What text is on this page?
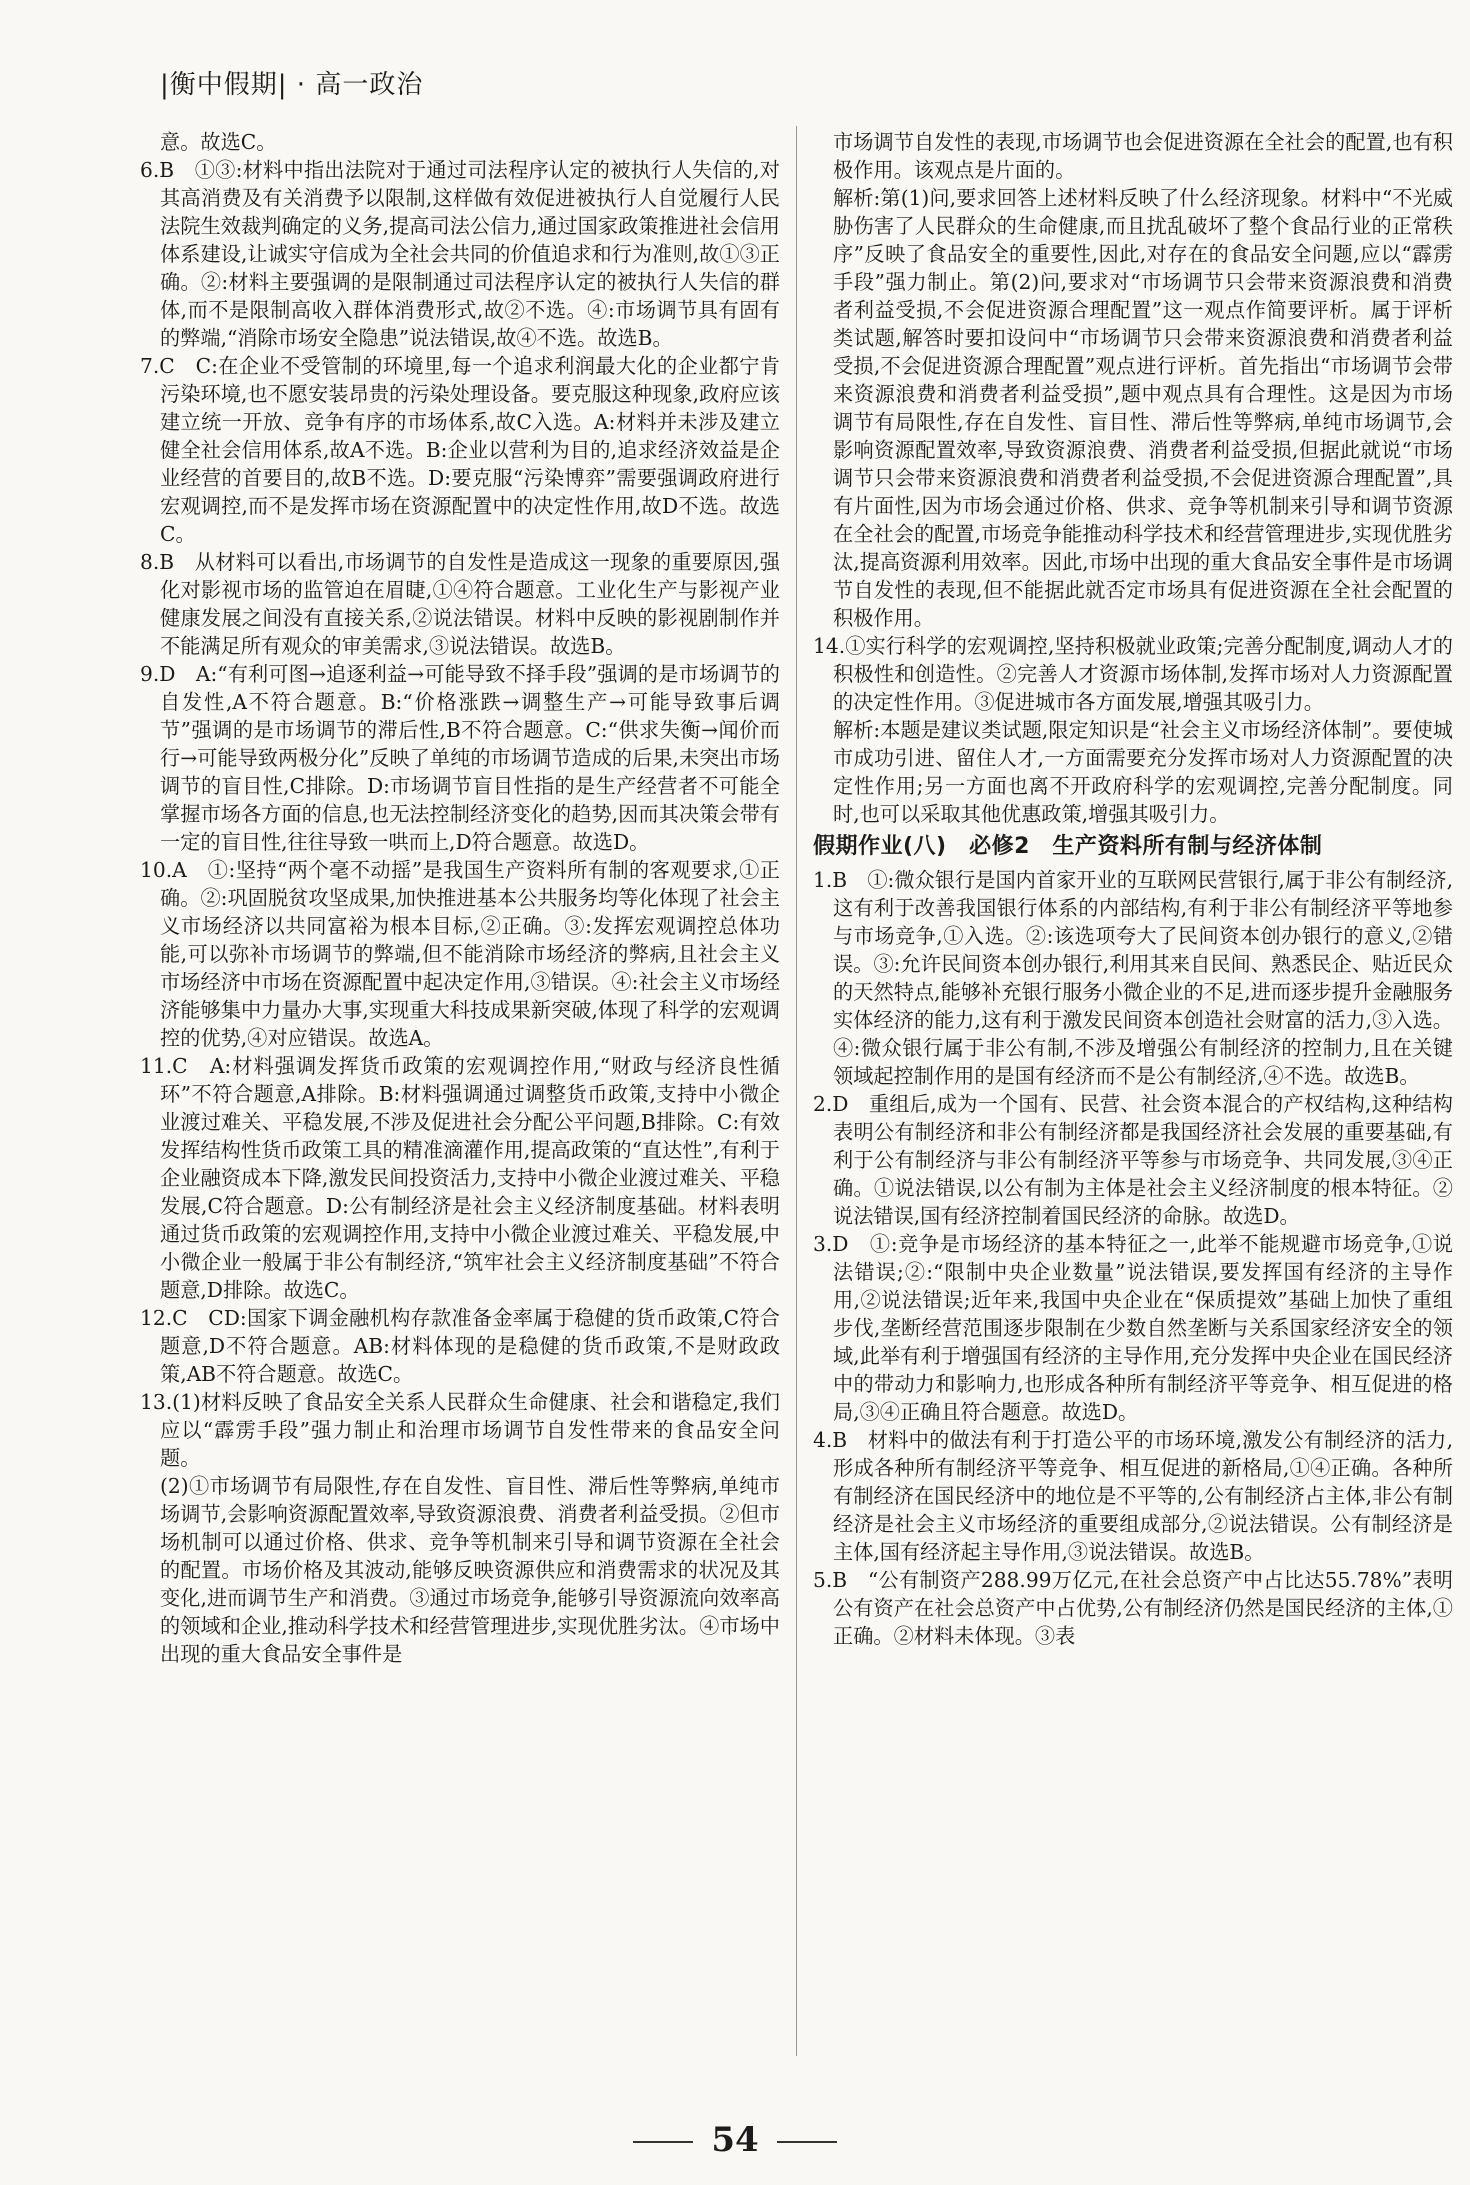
|衡中假期| · 高一政治

意。故选C。

6.B　①③:材料中指出法院对于通过司法程序认定的被执行人失信的,对其高消费及有关消费予以限制,这样做有效促进被执行人自觉履行人民法院生效裁判确定的义务,提高司法公信力,通过国家政策推进社会信用体系建设,让诚实守信成为全社会共同的价值追求和行为准则,故①③正确。②:材料主要强调的是限制通过司法程序认定的被执行人失信的群体,而不是限制高收入群体消费形式,故②不选。④:市场调节具有固有的弊端,“消除市场安全隐患”说法错误,故④不选。故选B。

7.C　C:在企业不受管制的环境里,每一个追求利润最大化的企业都宁肯污染环境,也不愿安装昂贵的污染处理设备。要克服这种现象,政府应该建立统一开放、竞争有序的市场体系,故C入选。A:材料并未涉及建立健全社会信用体系,故A不选。B:企业以营利为目的,追求经济效益是企业经营的首要目的,故B不选。D:要克服“污染博弈”需要强调政府进行宏观调控,而不是发挥市场在资源配置中的决定性作用,故D不选。故选C。

8.B　从材料可以看出,市场调节的自发性是造成这一现象的重要原因,强化对影视市场的监管迫在眉睫,①④符合题意。工业化生产与影视产业健康发展之间没有直接关系,②说法错误。材料中反映的影视剧制作并不能满足所有观众的审美需求,③说法错误。故选B。

9.D　A:“有利可图→追逐利益→可能导致不择手段”强调的是市场调节的自发性,A不符合题意。B:“价格涨跌→调整生产→可能导致事后调节”强调的是市场调节的滞后性,B不符合题意。C:“供求失衡→闻价而行→可能导致两极分化”反映了单纯的市场调节造成的后果,未突出市场调节的盲目性,C排除。D:市场调节盲目性指的是生产经营者不可能全掌握市场各方面的信息,也无法控制经济变化的趋势,因而其决策会带有一定的盲目性,往往导致一哄而上,D符合题意。故选D。

10.A　①:坚持“两个毫不动摇”是我国生产资料所有制的客观要求,①正确。②:巩固脱贫攻坚成果,加快推进基本公共服务均等化体现了社会主义市场经济以共同富裕为根本目标,②正确。③:发挥宏观调控总体功能,可以弥补市场调节的弊端,但不能消除市场经济的弊病,且社会主义市场经济中市场在资源配置中起决定作用,③错误。④:社会主义市场经济能够集中力量办大事,实现重大科技成果新突破,体现了科学的宏观调控的优势,④对应错误。故选A。

11.C　A:材料强调发挥货币政策的宏观调控作用,“财政与经济良性循环”不符合题意,A排除。B:材料强调通过调整货币政策,支持中小微企业渡过难关、平稳发展,不涉及促进社会分配公平问题,B排除。C:有效发挥结构性货币政策工具的精准滴灌作用,提高政策的“直达性”,有利于企业融资成本下降,激发民间投资活力,支持中小微企业渡过难关、平稳发展,C符合题意。D:公有制经济是社会主义经济制度基础。材料表明通过货币政策的宏观调控作用,支持中小微企业渡过难关、平稳发展,中小微企业一般属于非公有制经济,“筑牢社会主义经济制度基础”不符合题意,D排除。故选C。

12.C　CD:国家下调金融机构存款准备金率属于稳健的货币政策,C符合题意,D不符合题意。AB:材料体现的是稳健的货币政策,不是财政政策,AB不符合题意。故选C。

13.(1)材料反映了食品安全关系人民群众生命健康、社会和谐稳定,我们应以“霹雳手段”强力制止和治理市场调节自发性带来的食品安全问题。

(2)①市场调节有局限性,存在自发性、盲目性、滞后性等弊病,单纯市场调节,会影响资源配置效率,导致资源浪费、消费者利益受损。②但市场机制可以通过价格、供求、竞争等机制来引导和调节资源在全社会的配置。市场价格及其波动,能够反映资源供应和消费需求的状况及其变化,进而调节生产和消费。③通过市场竞争,能够引导资源流向效率高的领域和企业,推动科学技术和经营管理进步,实现优胜劣汰。④市场中出现的重大食品安全事件是

市场调节自发性的表现,市场调节也会促进资源在全社会的配置,也有积极作用。该观点是片面的。

解析:第(1)问,要求回答上述材料反映了什么经济现象。材料中“不光威胁伤害了人民群众的生命健康,而且扰乱破坏了整个食品行业的正常秩序”反映了食品安全的重要性,因此,对存在的食品安全问题,应以“霹雳手段”强力制止。第(2)问,要求对“市场调节只会带来资源浪费和消费者利益受损,不会促进资源合理配置”这一观点作简要评析。属于评析类试题,解答时要扣设问中“市场调节只会带来资源浪费和消费者利益受损,不会促进资源合理配置”观点进行评析。首先指出“市场调节会带来资源浪费和消费者利益受损”,题中观点具有合理性。这是因为市场调节有局限性,存在自发性、盲目性、滞后性等弊病,单纯市场调节,会影响资源配置效率,导致资源浪费、消费者利益受损,但据此就说“市场调节只会带来资源浪费和消费者利益受损,不会促进资源合理配置”,具有片面性,因为市场会通过价格、供求、竞争等机制来引导和调节资源在全社会的配置,市场竞争能推动科学技术和经营管理进步,实现优胜劣汰,提高资源利用效率。因此,市场中出现的重大食品安全事件是市场调节自发性的表现,但不能据此就否定市场具有促进资源在全社会配置的积极作用。

14.①实行科学的宏观调控,坚持积极就业政策;完善分配制度,调动人才的积极性和创造性。②完善人才资源市场体制,发挥市场对人力资源配置的决定性作用。③促进城市各方面发展,增强其吸引力。

解析:本题是建议类试题,限定知识是“社会主义市场经济体制”。要使城市成功引进、留住人才,一方面需要充分发挥市场对人力资源配置的决定性作用;另一方面也离不开政府科学的宏观调控,完善分配制度。同时,也可以采取其他优惠政策,增强其吸引力。

假期作业(八)　必修2　生产资料所有制与经济体制

1.B　①:微众银行是国内首家开业的互联网民营银行,属于非公有制经济,这有利于改善我国银行体系的内部结构,有利于非公有制经济平等地参与市场竞争,①入选。②:该选项夸大了民间资本创办银行的意义,②错误。③:允许民间资本创办银行,利用其来自民间、熟悉民企、贴近民众的天然特点,能够补充银行服务小微企业的不足,进而逐步提升金融服务实体经济的能力,这有利于激发民间资本创造社会财富的活力,③入选。④:微众银行属于非公有制,不涉及增强公有制经济的控制力,且在关键领域起控制作用的是国有经济而不是公有制经济,④不选。故选B。

2.D　重组后,成为一个国有、民营、社会资本混合的产权结构,这种结构表明公有制经济和非公有制经济都是我国经济社会发展的重要基础,有利于公有制经济与非公有制经济平等参与市场竞争、共同发展,③④正确。①说法错误,以公有制为主体是社会主义经济制度的根本特征。②说法错误,国有经济控制着国民经济的命脉。故选D。

3.D　①:竞争是市场经济的基本特征之一,此举不能规避市场竞争,①说法错误;②:“限制中央企业数量”说法错误,要发挥国有经济的主导作用,②说法错误;近年来,我国中央企业在“保质提效”基础上加快了重组步伐,垄断经营范围逐步限制在少数自然垄断与关系国家经济安全的领域,此举有利于增强国有经济的主导作用,充分发挥中央企业在国民经济中的带动力和影响力,也形成各种所有制经济平等竞争、相互促进的格局,③④正确且符合题意。故选D。

4.B　材料中的做法有利于打造公平的市场环境,激发公有制经济的活力,形成各种所有制经济平等竞争、相互促进的新格局,①④正确。各种所有制经济在国民经济中的地位是不平等的,公有制经济占主体,非公有制经济是社会主义市场经济的重要组成部分,②说法错误。公有制经济是主体,国有经济起主导作用,③说法错误。故选B。

5.B　“公有制资产288.99万亿元,在社会总资产中占比达55.78%”表明公有资产在社会总资产中占优势,公有制经济仍然是国民经济的主体,①正确。②材料未体现。③表

54
